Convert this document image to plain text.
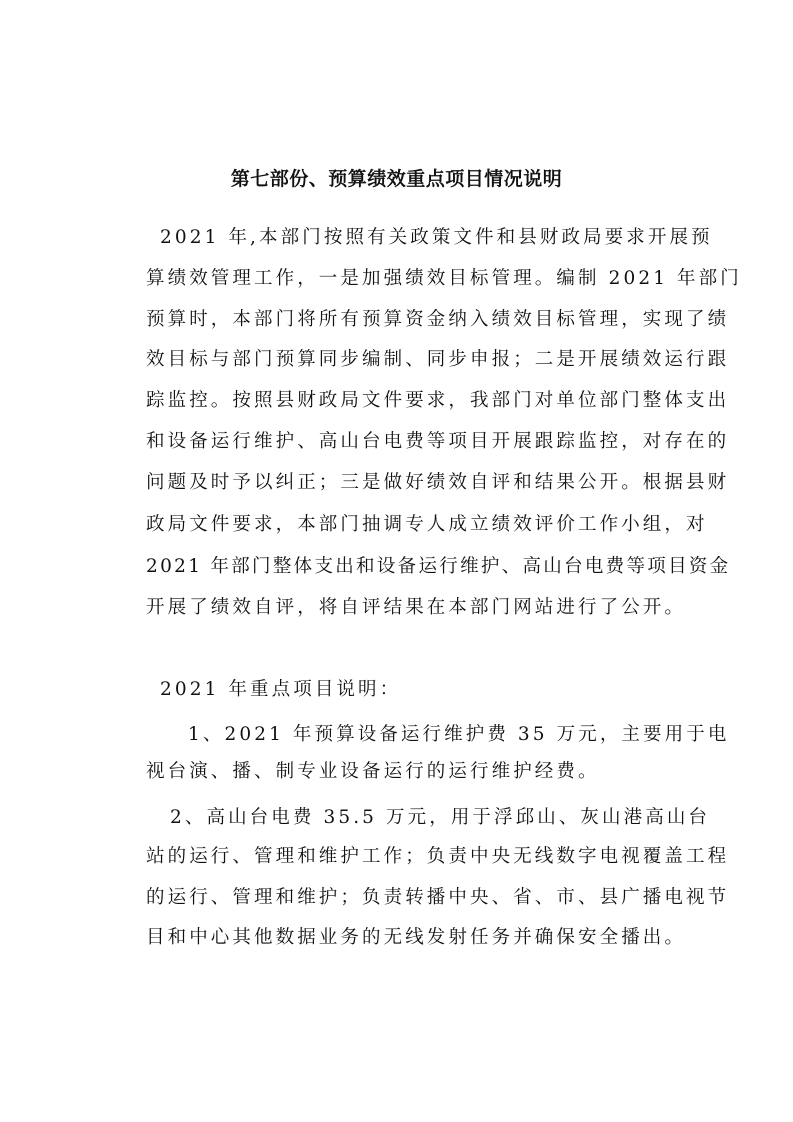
第七部份、预算绩效重点项目情况说明
2021 年,本部门按照有关政策文件和县财政局要求开展预
算绩效管理工作，一是加强绩效目标管理。编制 2021 年部门
预算时，本部门将所有预算资金纳入绩效目标管理，实现了绩
效目标与部门预算同步编制、同步申报；二是开展绩效运行跟
踪监控。按照县财政局文件要求，我部门对单位部门整体支出
和设备运行维护、高山台电费等项目开展跟踪监控，对存在的
问题及时予以纠正；三是做好绩效自评和结果公开。根据县财
政局文件要求，本部门抽调专人成立绩效评价工作小组，对
2021 年部门整体支出和设备运行维护、高山台电费等项目资金
开展了绩效自评，将自评结果在本部门网站进行了公开。
2021 年重点项目说明：
1、2021 年预算设备运行维护费 35 万元，主要用于电
视台演、播、制专业设备运行的运行维护经费。
2、高山台电费 35.5 万元，用于浮邱山、灰山港高山台
站的运行、管理和维护工作；负责中央无线数字电视覆盖工程
的运行、管理和维护；负责转播中央、省、市、县广播电视节
目和中心其他数据业务的无线发射任务并确保安全播出。
